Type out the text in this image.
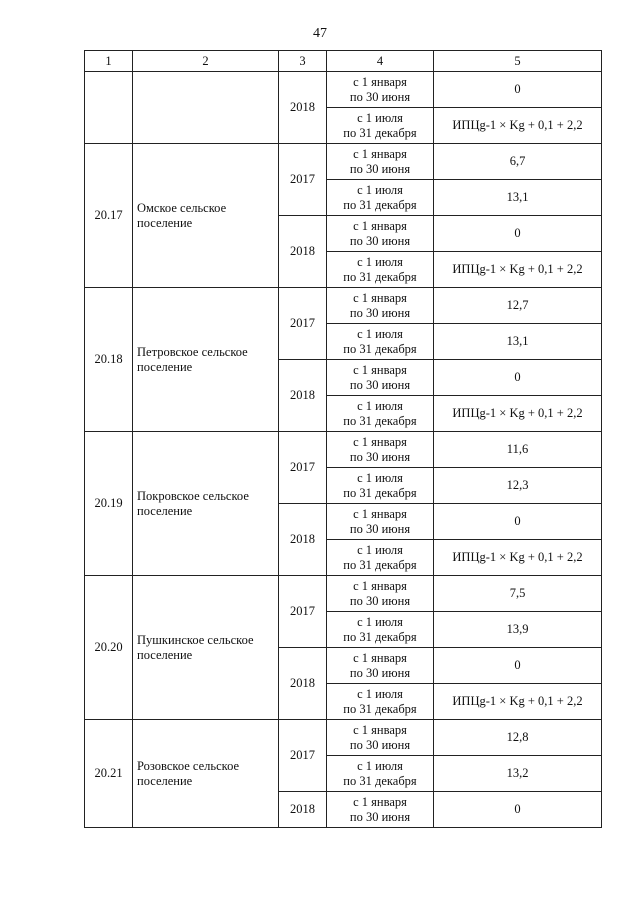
47
1	2	3	4	5
		2018	с 1 января
по 30 июня	0

			с 1 июля
по 31 декабря	ИПЦg-1 × Kg + 0,1 + 2,2
20.17	Омское сельское
поселение	2017	с 1 января
по 30 июня	6,7

			с 1 июля
по 31 декабря	13,1
		2018	с 1 января
по 30 июня	0

			с 1 июля
по 31 декабря	ИПЦg-1 × Kg + 0,1 + 2,2
20.18	Петровское сельское
поселение	2017	с 1 января
по 30 июня	12,7

			с 1 июля
по 31 декабря	13,1
		2018	с 1 января
по 30 июня	0

			с 1 июля
по 31 декабря	ИПЦg-1 × Kg + 0,1 + 2,2
20.19	Покровское сельское
поселение	2017	с 1 января
по 30 июня	11,6

			с 1 июля
по 31 декабря	12,3
		2018	с 1 января
по 30 июня	0

			с 1 июля
по 31 декабря	ИПЦg-1 × Kg + 0,1 + 2,2
20.20	Пушкинское сельское
поселение	2017	с 1 января
по 30 июня	7,5

			с 1 июля
по 31 декабря	13,9
		2018	с 1 января
по 30 июня	0

			с 1 июля
по 31 декабря	ИПЦg-1 × Kg + 0,1 + 2,2
20.21	Розовское сельское
поселение	2017	с 1 января
по 30 июня	12,8

			с 1 июля
по 31 декабря	13,2
		2018	с 1 января
по 30 июня	0
